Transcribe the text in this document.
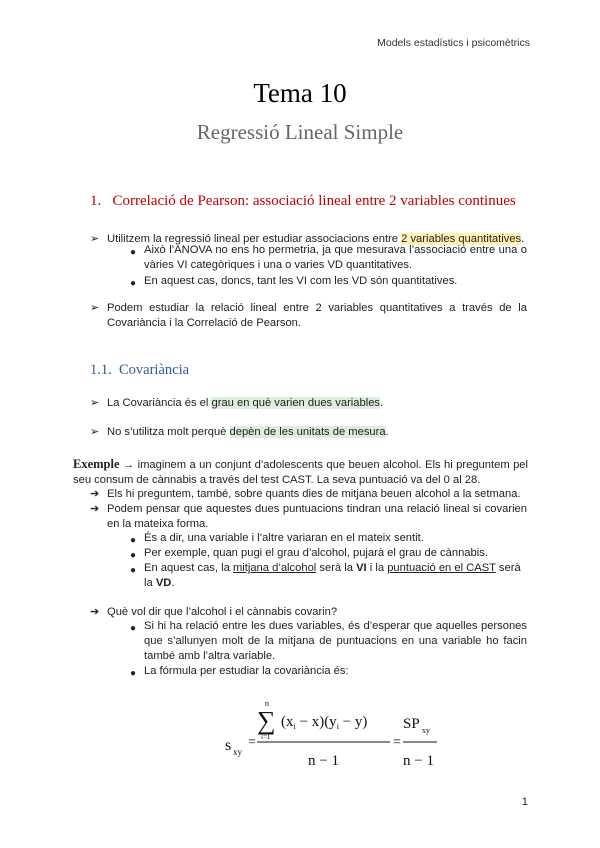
Models estadístics i psicomètrics
Tema 10
Regressió Lineal Simple
1. Correlació de Pearson: associació lineal entre 2 variables continues
➢ Utilitzem la regressió lineal per estudiar associacions entre 2 variables quantitatives.
● Això l’ANOVA no ens ho permetria, ja que mesurava l’associació entre una o vàries VI categòriques i una o varies VD quantitatives.
● En aquest cas, doncs, tant les VI com les VD són quantitatives.
➢ Podem estudiar la relació lineal entre 2 variables quantitatives a través de la Covariància i la Correlació de Pearson.
1.1. Covariància
➢ La Covariància és el grau en què varien dues variables.
➢ No s’utilitza molt perquè depèn de les unitats de mesura.
Exemple → imaginem a un conjunt d’adolescents que beuen alcohol. Els hi preguntem pel seu consum de cànnabis a través del test CAST. La seva puntuació va del 0 al 28.
➔ Els hi preguntem, també, sobre quants dies de mitjana beuen alcohol a la setmana.
➔ Podem pensar que aquestes dues puntuacions tindran una relació lineal si covarien en la mateixa forma.
● És a dir, una variable i l’altre variaran en el mateix sentit.
● Per exemple, quan pugi el grau d’alcohol, pujarà el grau de cànnabis.
● En aquest cas, la mitjana d’alcohol serà la VI i la puntuació en el CAST serà la VD.
➔ Què vol dir que l’alcohol i el cànnabis covarin?
● Si hi ha relació entre les dues variables, és d’esperar que aquelles persones que s’allunyen molt de la mitjana de puntuacions en una variable ho facin també amb l’altra variable.
● La fórmula per estudiar la covariància és:
s xy
=
n
∑
i=1
$(x_i - x)(y_i - y)$
n − 1
=
SP xy
n − 1
1
